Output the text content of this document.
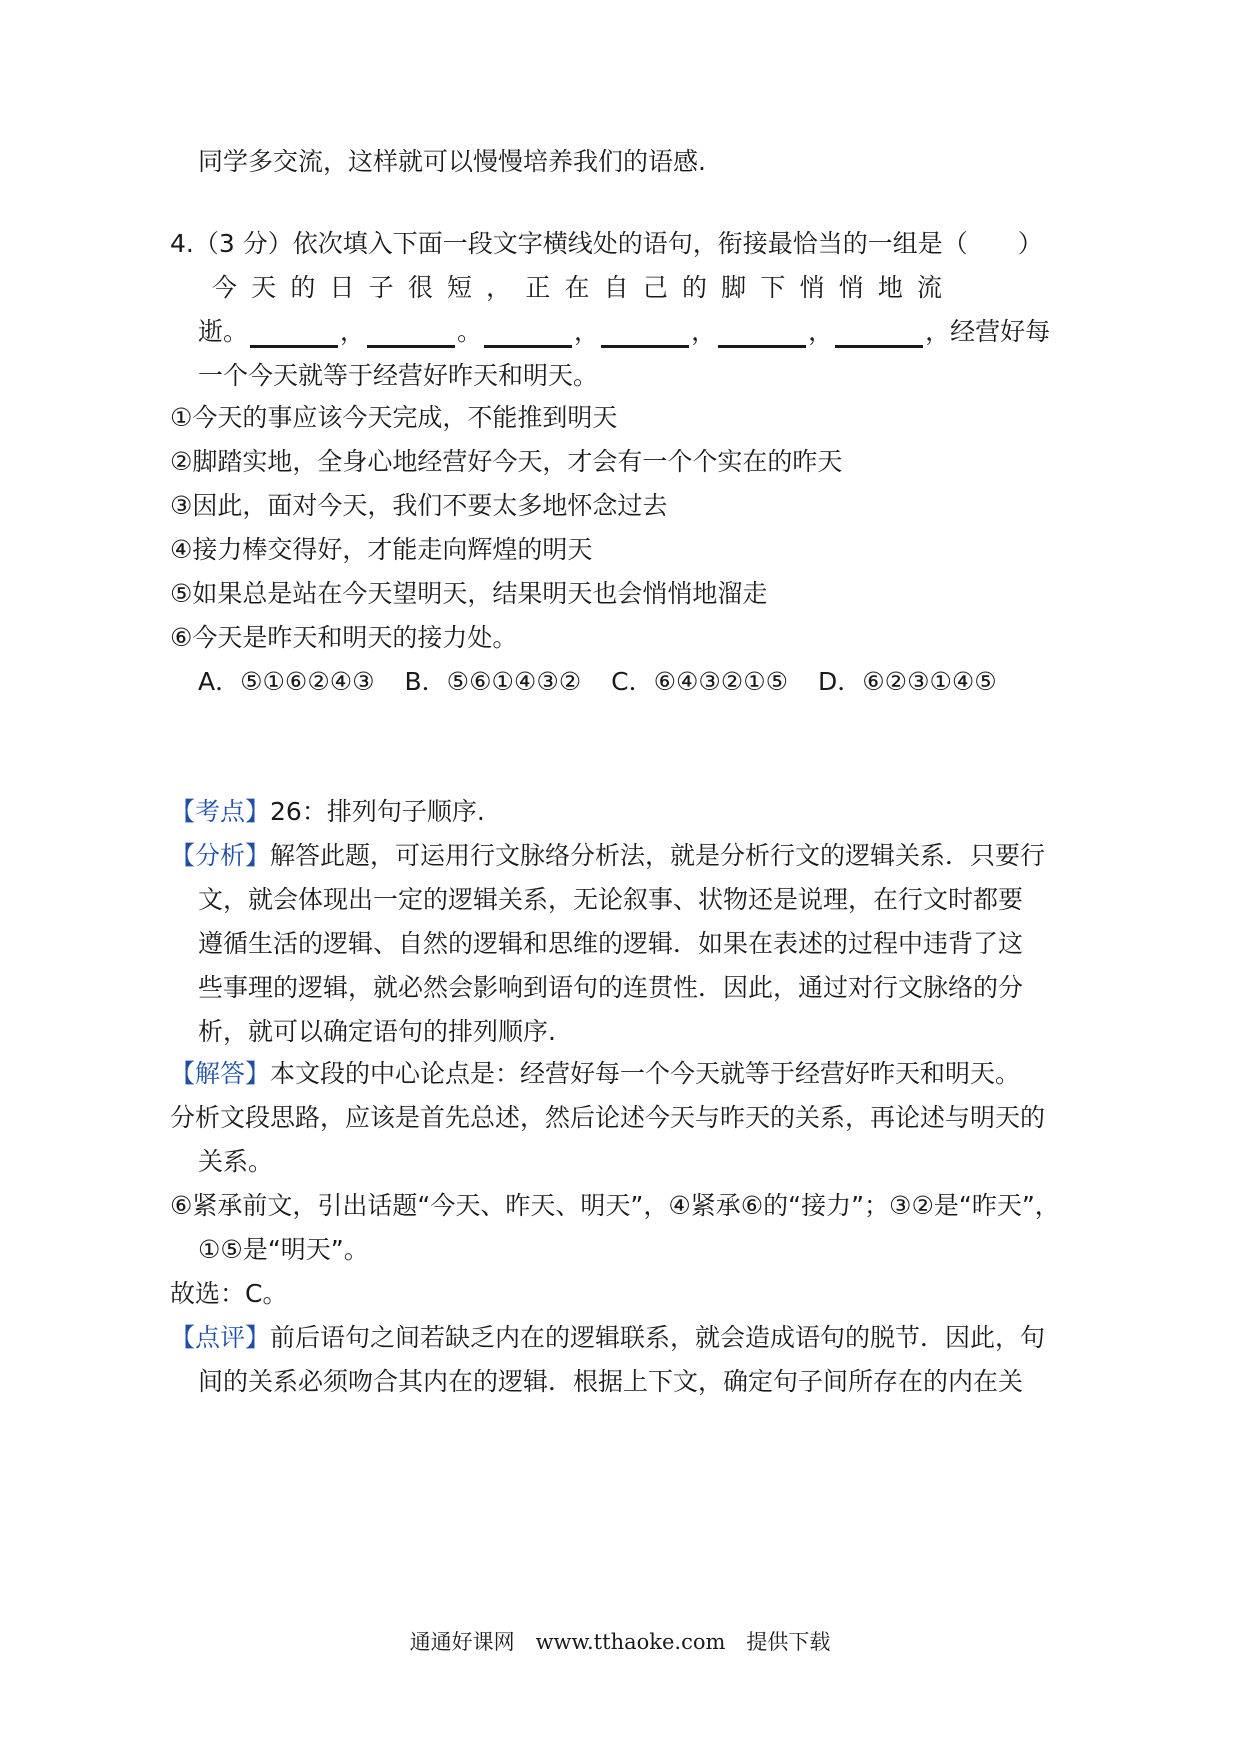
同学多交流，这样就可以慢慢培养我们的语感.
4.（3 分）依次填入下面一段文字横线处的语句，衔接最恰当的一组是（　　）
今天的日子很短，正在自己的脚下悄悄地流
逝。	，	。	，	，	，	，经营好每
一个今天就等于经营好昨天和明天。
①今天的事应该今天完成，不能推到明天
②脚踏实地，全身心地经营好今天，才会有一个个实在的昨天
③因此，面对今天，我们不要太多地怀念过去
④接力棒交得好，才能走向辉煌的明天
⑤如果总是站在今天望明天，结果明天也会悄悄地溜走
⑥今天是昨天和明天的接力处。
A．⑤①⑥②④③ B．⑤⑥①④③② C．⑥④③②①⑤ D．⑥②③①④⑤
【考点】26：排列句子顺序.
【分析】解答此题，可运用行文脉络分析法，就是分析行文的逻辑关系．只要行
文，就会体现出一定的逻辑关系，无论叙事、状物还是说理，在行文时都要
遵循生活的逻辑、自然的逻辑和思维的逻辑．如果在表述的过程中违背了这
些事理的逻辑，就必然会影响到语句的连贯性．因此，通过对行文脉络的分
析，就可以确定语句的排列顺序.
【解答】本文段的中心论点是：经营好每一个今天就等于经营好昨天和明天。
分析文段思路，应该是首先总述，然后论述今天与昨天的关系，再论述与明天的
关系。
⑥紧承前文，引出话题“今天、昨天、明天”，④紧承⑥的“接力”；③②是“昨天”，
①⑤是“明天”。
故选：C。
【点评】前后语句之间若缺乏内在的逻辑联系，就会造成语句的脱节．因此，句
间的关系必须吻合其内在的逻辑．根据上下文，确定句子间所存在的内在关
通通好课网　www.tthaoke.com　提供下载
